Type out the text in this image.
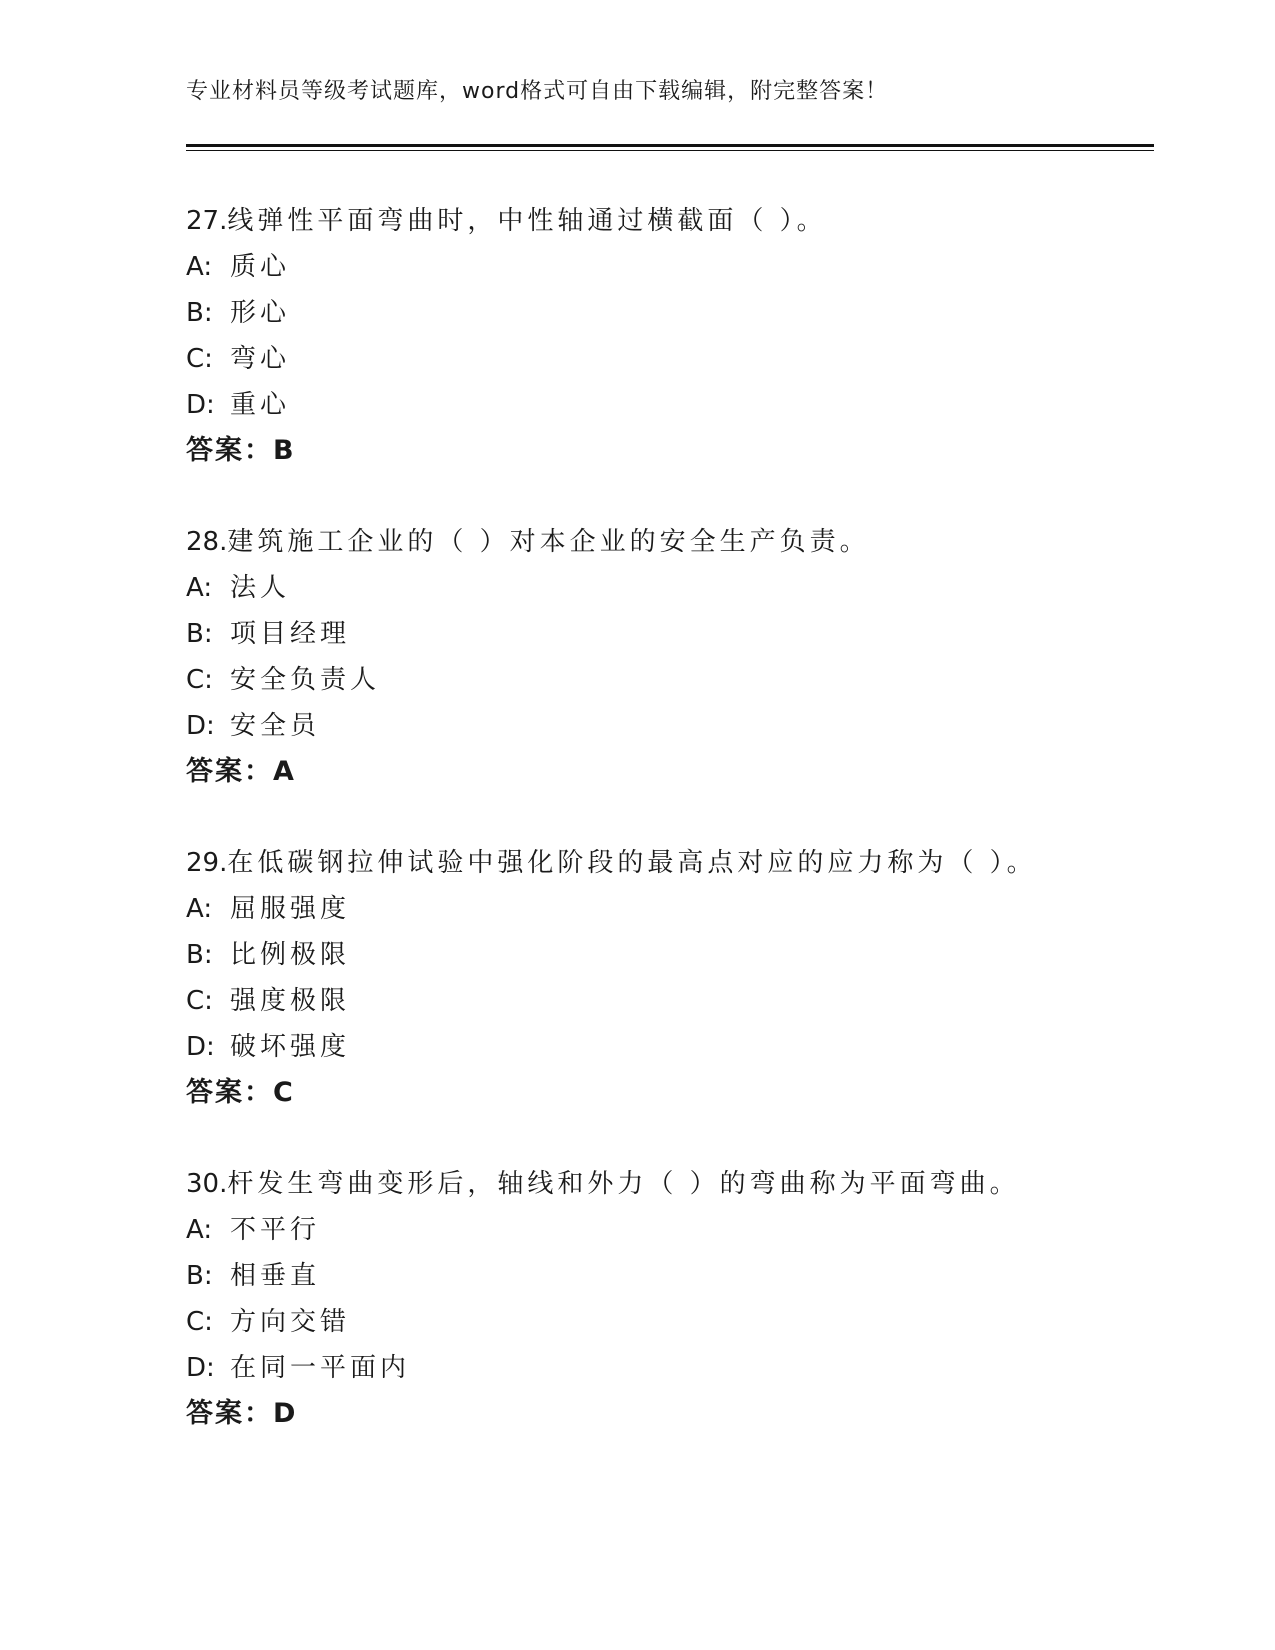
专业材料员等级考试题库，word格式可自由下载编辑，附完整答案！
27.线弹性平面弯曲时，中性轴通过横截面（ ）。
A: 质心
B: 形心
C: 弯心
D: 重心
答案：B
28.建筑施工企业的（ ）对本企业的安全生产负责。
A: 法人
B: 项目经理
C: 安全负责人
D: 安全员
答案：A
29.在低碳钢拉伸试验中强化阶段的最高点对应的应力称为（ ）。
A: 屈服强度
B: 比例极限
C: 强度极限
D: 破坏强度
答案：C
30.杆发生弯曲变形后，轴线和外力（ ）的弯曲称为平面弯曲。
A: 不平行
B: 相垂直
C: 方向交错
D: 在同一平面内
答案：D
